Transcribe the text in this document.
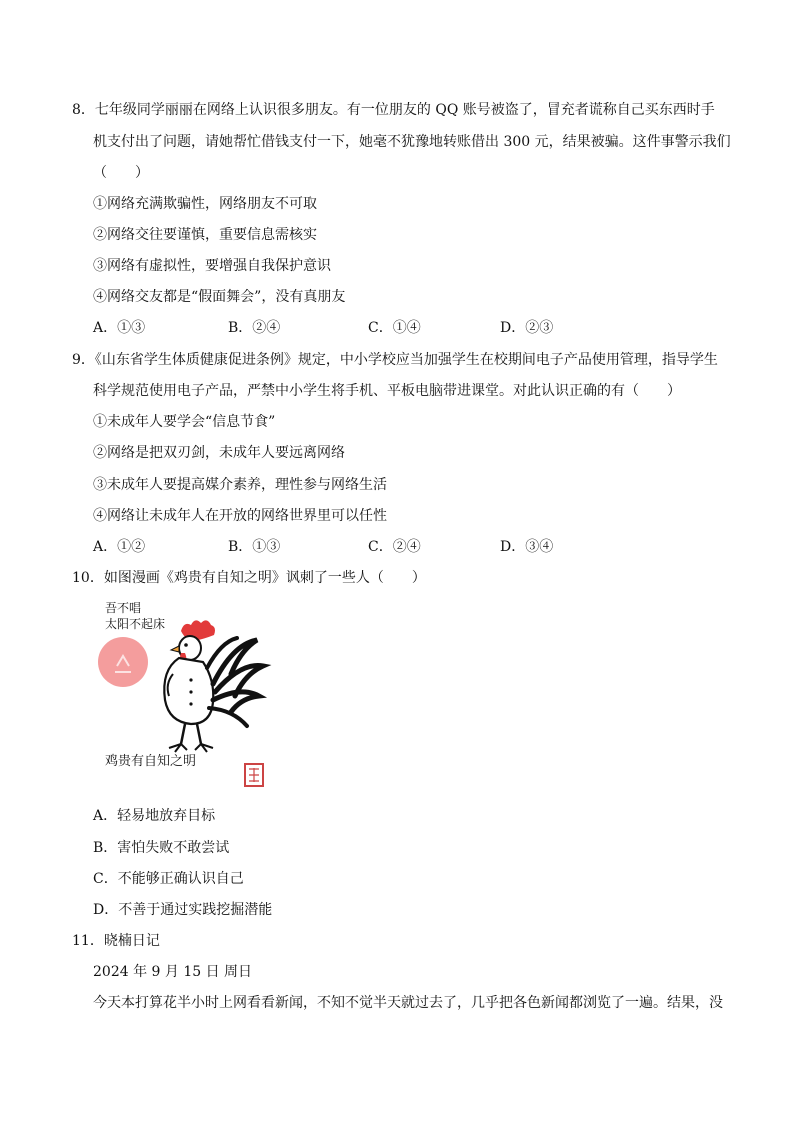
8．七年级同学丽丽在网络上认识很多朋友。有一位朋友的 QQ 账号被盗了，冒充者谎称自己买东西时手
机支付出了问题，请她帮忙借钱支付一下，她毫不犹豫地转账借出 300 元，结果被骗。这件事警示我们
（　　）
①网络充满欺骗性，网络朋友不可取
②网络交往要谨慎，重要信息需核实
③网络有虚拟性，要增强自我保护意识
④网络交友都是“假面舞会”，没有真朋友
A．①③	B．②④	C．①④	D．②③
9．《山东省学生体质健康促进条例》规定，中小学校应当加强学生在校期间电子产品使用管理，指导学生
科学规范使用电子产品，严禁中小学生将手机、平板电脑带进课堂。对此认识正确的有（　　）
①未成年人要学会“信息节食”
②网络是把双刃剑，未成年人要远离网络
③未成年人要提高媒介素养，理性参与网络生活
④网络让未成年人在开放的网络世界里可以任性
A．①②	B．①③	C．②④	D．③④
10．如图漫画《鸡贵有自知之明》讽刺了一些人（　　）
吾不唱
太阳不起床
鸡贵有自知之明
A．轻易地放弃目标
B．害怕失败不敢尝试
C．不能够正确认识自己
D．不善于通过实践挖掘潜能
11．晓楠日记
2024 年 9 月 15 日 周日
今天本打算花半小时上网看看新闻，不知不觉半天就过去了，几乎把各色新闻都浏览了一遍。结果，没
